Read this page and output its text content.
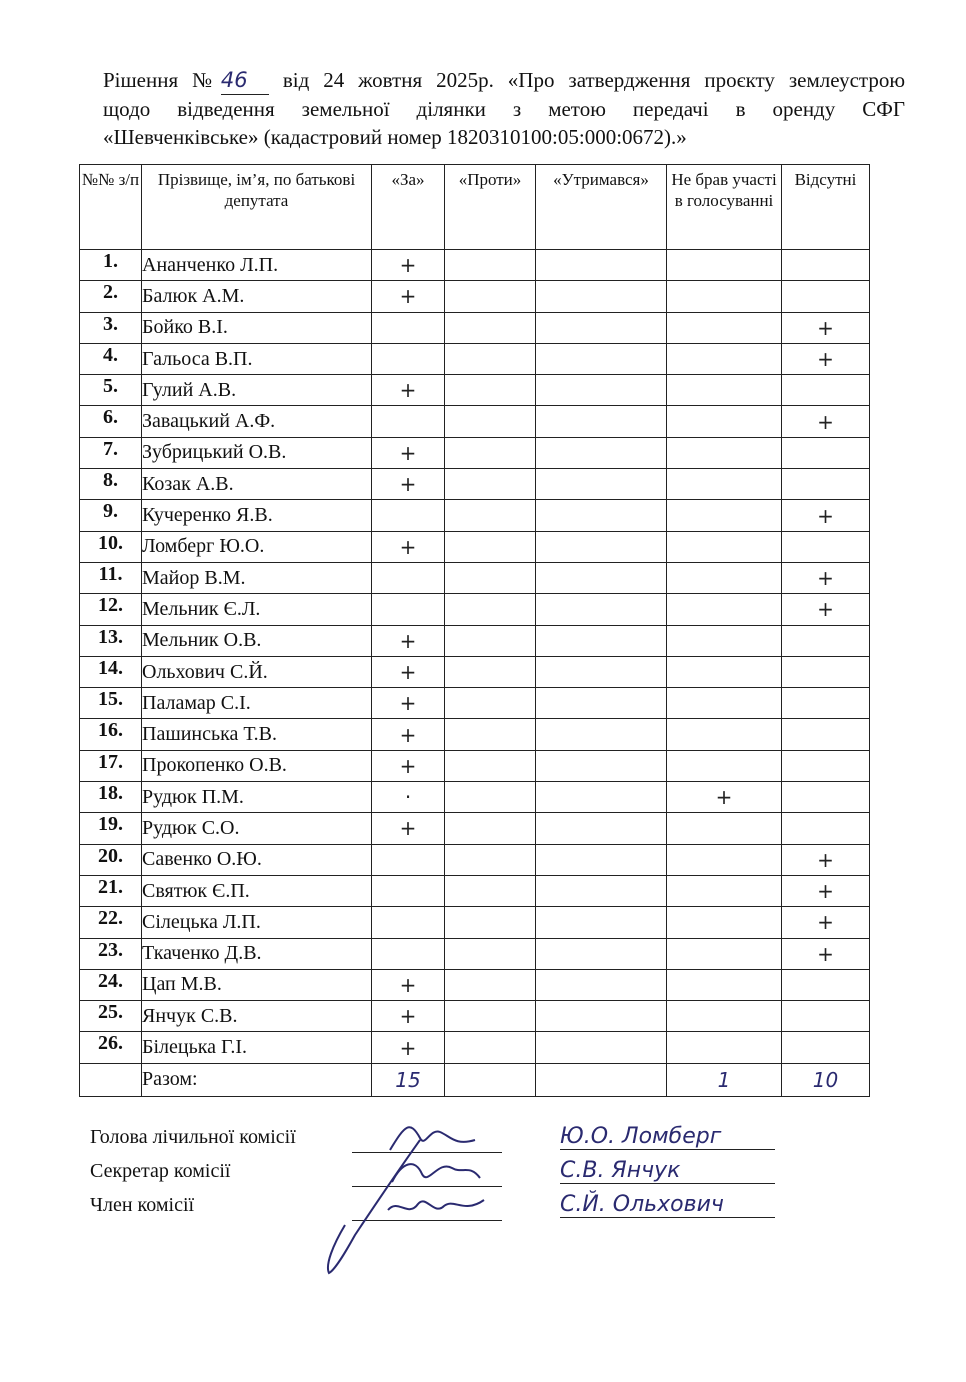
Рішення №46 від 24 жовтня 2025р. «Про затвердження проєкту землеустрою
щодо відведення земельної ділянки з метою передачі в оренду СФГ
«Шевченківське» (кадастровий номер 1820310100:05:000:0672).»
№№ з/п	Прізвище, ім’я, по батькові депутата	«За»	«Проти»	«Утримався»	Не брав участі в голосуванні	Відсутні
1.	Ананченко Л.П.	+				
2.	Балюк А.М.	+				
3.	Бойко В.І.					+
4.	Гальоса В.П.					+
5.	Гулий А.В.	+				
6.	Завацький А.Ф.					+
7.	Зубрицький О.В.	+				
8.	Козак А.В.	+				
9.	Кучеренко Я.В.					+
10.	Ломберг Ю.О.	+				
11.	Майор В.М.					+
12.	Мельник Є.Л.					+
13.	Мельник О.В.	+				
14.	Ольхович С.Й.	+				
15.	Паламар С.І.	+				
16.	Пашинська Т.В.	+				
17.	Прокопенко О.В.	+				
18.	Рудюк П.М.	·			+	
19.	Рудюк С.О.	+				
20.	Савенко О.Ю.					+
21.	Святюк Є.П.					+
22.	Сілецька Л.П.					+
23.	Ткаченко Д.В.					+
24.	Цап М.В.	+				
25.	Янчук С.В.	+				
26.	Білецька Г.І.	+				
	Разом:	15			1	10
Голова лічильної комісії	Ю.О. Ломберг
Секретар комісії	С.В. Янчук
Член комісії	С.Й. Ольхович
